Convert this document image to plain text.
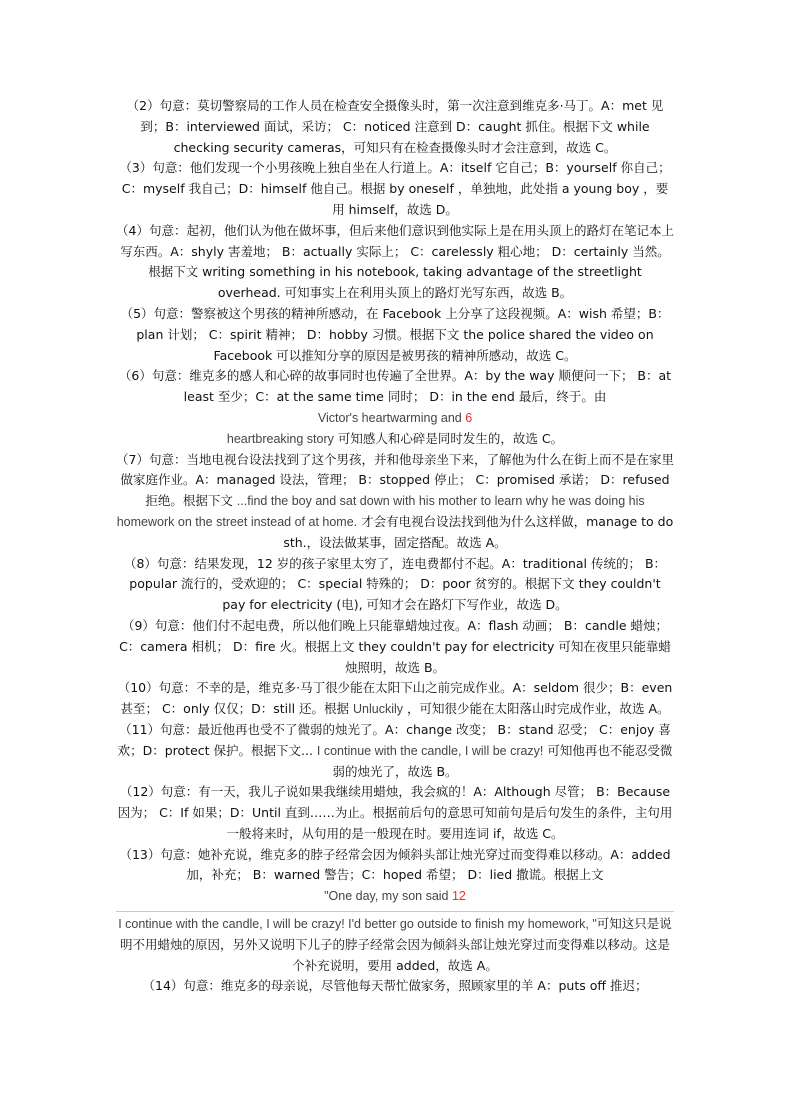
（2）句意：莫切警察局的工作人员在检查安全摄像头时，第一次注意到维克多·马丁。A：met 见到；B：interviewed 面试，采访； C：noticed 注意到 D：caught 抓住。根据下文 while checking security cameras，可知只有在检查摄像头时才会注意到，故选 C。

（3）句意：他们发现一个小男孩晚上独自坐在人行道上。A：itself 它自己；B：yourself 你自己； C：myself 我自己；D：himself 他自己。根据 by oneself ，单独地，此处指 a young boy ，要用 himself，故选 D。

（4）句意：起初，他们认为他在做坏事，但后来他们意识到他实际上是在用头顶上的路灯在笔记本上写东西。A：shyly 害羞地； B：actually 实际上； C：carelessly 粗心地； D：certainly 当然。根据下文 writing something in his notebook, taking advantage of the streetlight overhead. 可知事实上在利用头顶上的路灯光写东西，故选 B。

（5）句意：警察被这个男孩的精神所感动，在 Facebook 上分享了这段视频。A：wish 希望；B：plan 计划； C：spirit 精神； D：hobby 习惯。根据下文 the police shared the video on Facebook 可以推知分享的原因是被男孩的精神所感动，故选 C。

（6）句意：维克多的感人和心碎的故事同时也传遍了全世界。A：by the way 顺便问一下； B：at least 至少；C：at the same time 同时； D：in the end 最后，终于。由

Victor's heartwarming and 6

heartbreaking story 可知感人和心碎是同时发生的，故选 C。

（7）句意：当地电视台设法找到了这个男孩，并和他母亲坐下来，了解他为什么在街上而不是在家里做家庭作业。A：managed 设法，管理； B：stopped 停止； C：promised 承诺； D：refused 拒绝。根据下文 ...find the boy and sat down with his mother to learn why he was doing his homework on the street instead of at home. 才会有电视台设法找到他为什么这样做，manage to do sth.，设法做某事，固定搭配。故选 A。

（8）句意：结果发现，12 岁的孩子家里太穷了，连电费都付不起。A：traditional 传统的； B：popular 流行的，受欢迎的； C：special 特殊的； D：poor 贫穷的。根据下文 they couldn't pay for electricity (电), 可知才会在路灯下写作业，故选 D。

（9）句意：他们付不起电费，所以他们晚上只能靠蜡烛过夜。A：flash 动画； B：candle 蜡烛； C：camera 相机； D：fire 火。根据上文 they couldn't pay for electricity 可知在夜里只能靠蜡烛照明，故选 B。

（10）句意：不幸的是，维克多·马丁很少能在太阳下山之前完成作业。A：seldom 很少；B：even 甚至； C：only 仅仅；D：still 还。根据 Unluckily ，可知很少能在太阳落山时完成作业，故选 A。

（11）句意：最近他再也受不了微弱的烛光了。A：change 改变； B：stand 忍受； C：enjoy 喜欢；D：protect 保护。根据下文... I continue with the candle, I will be crazy! 可知他再也不能忍受微弱的烛光了，故选 B。

（12）句意：有一天，我儿子说如果我继续用蜡烛，我会疯的！A：Although 尽管； B：Because 因为； C：If 如果；D：Until 直到……为止。根据前后句的意思可知前句是后句发生的条件，主句用一般将来时，从句用的是一般现在时。要用连词 if，故选 C。

（13）句意：她补充说，维克多的脖子经常会因为倾斜头部让烛光穿过而变得难以移动。A：added 加，补充； B：warned 警告；C：hoped 希望； D：lied 撒谎。根据上文

"One day, my son said 12

I continue with the candle, I will be crazy! I'd better go outside to finish my homework, "可知这只是说明不用蜡烛的原因，另外又说明下儿子的脖子经常会因为倾斜头部让烛光穿过而变得难以移动。这是个补充说明，要用 added，故选 A。

（14）句意：维克多的母亲说，尽管他每天帮忙做家务，照顾家里的羊 A：puts off 推迟；
